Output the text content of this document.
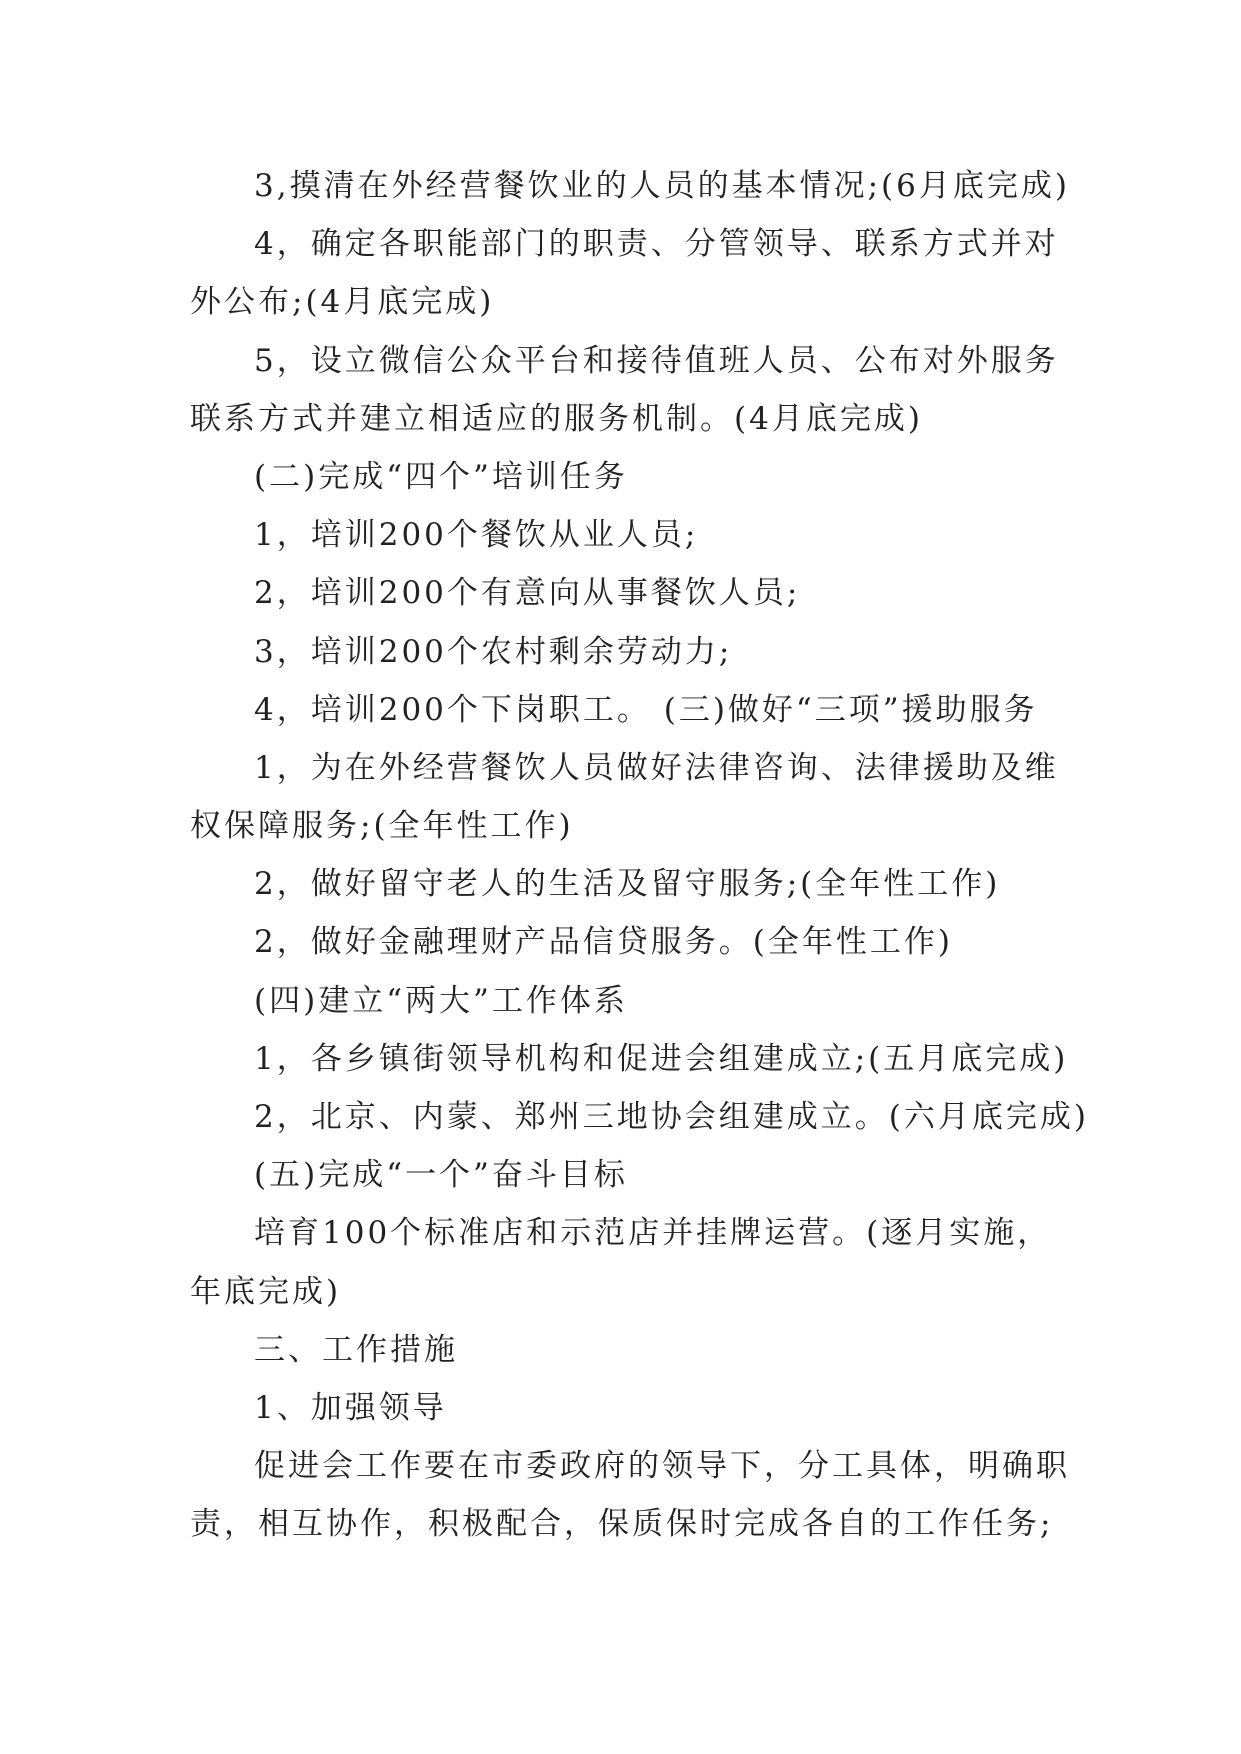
3,摸清在外经营餐饮业的人员的基本情况;(6月底完成)
4，确定各职能部门的职责、分管领导、联系方式并对
外公布;(4月底完成)
5，设立微信公众平台和接待值班人员、公布对外服务
联系方式并建立相适应的服务机制。(4月底完成)
(二)完成“四个”培训任务
1，培训200个餐饮从业人员;
2，培训200个有意向从事餐饮人员;
3，培训200个农村剩余劳动力;
4，培训200个下岗职工。 (三)做好“三项”援助服务
1，为在外经营餐饮人员做好法律咨询、法律援助及维
权保障服务;(全年性工作)
2，做好留守老人的生活及留守服务;(全年性工作)
2，做好金融理财产品信贷服务。(全年性工作)
(四)建立“两大”工作体系
1，各乡镇街领导机构和促进会组建成立;(五月底完成)
2，北京、内蒙、郑州三地协会组建成立。(六月底完成)
(五)完成“一个”奋斗目标
培育100个标准店和示范店并挂牌运营。(逐月实施，
年底完成)
三、工作措施
1、加强领导
促进会工作要在市委政府的领导下，分工具体，明确职
责，相互协作，积极配合，保质保时完成各自的工作任务;
